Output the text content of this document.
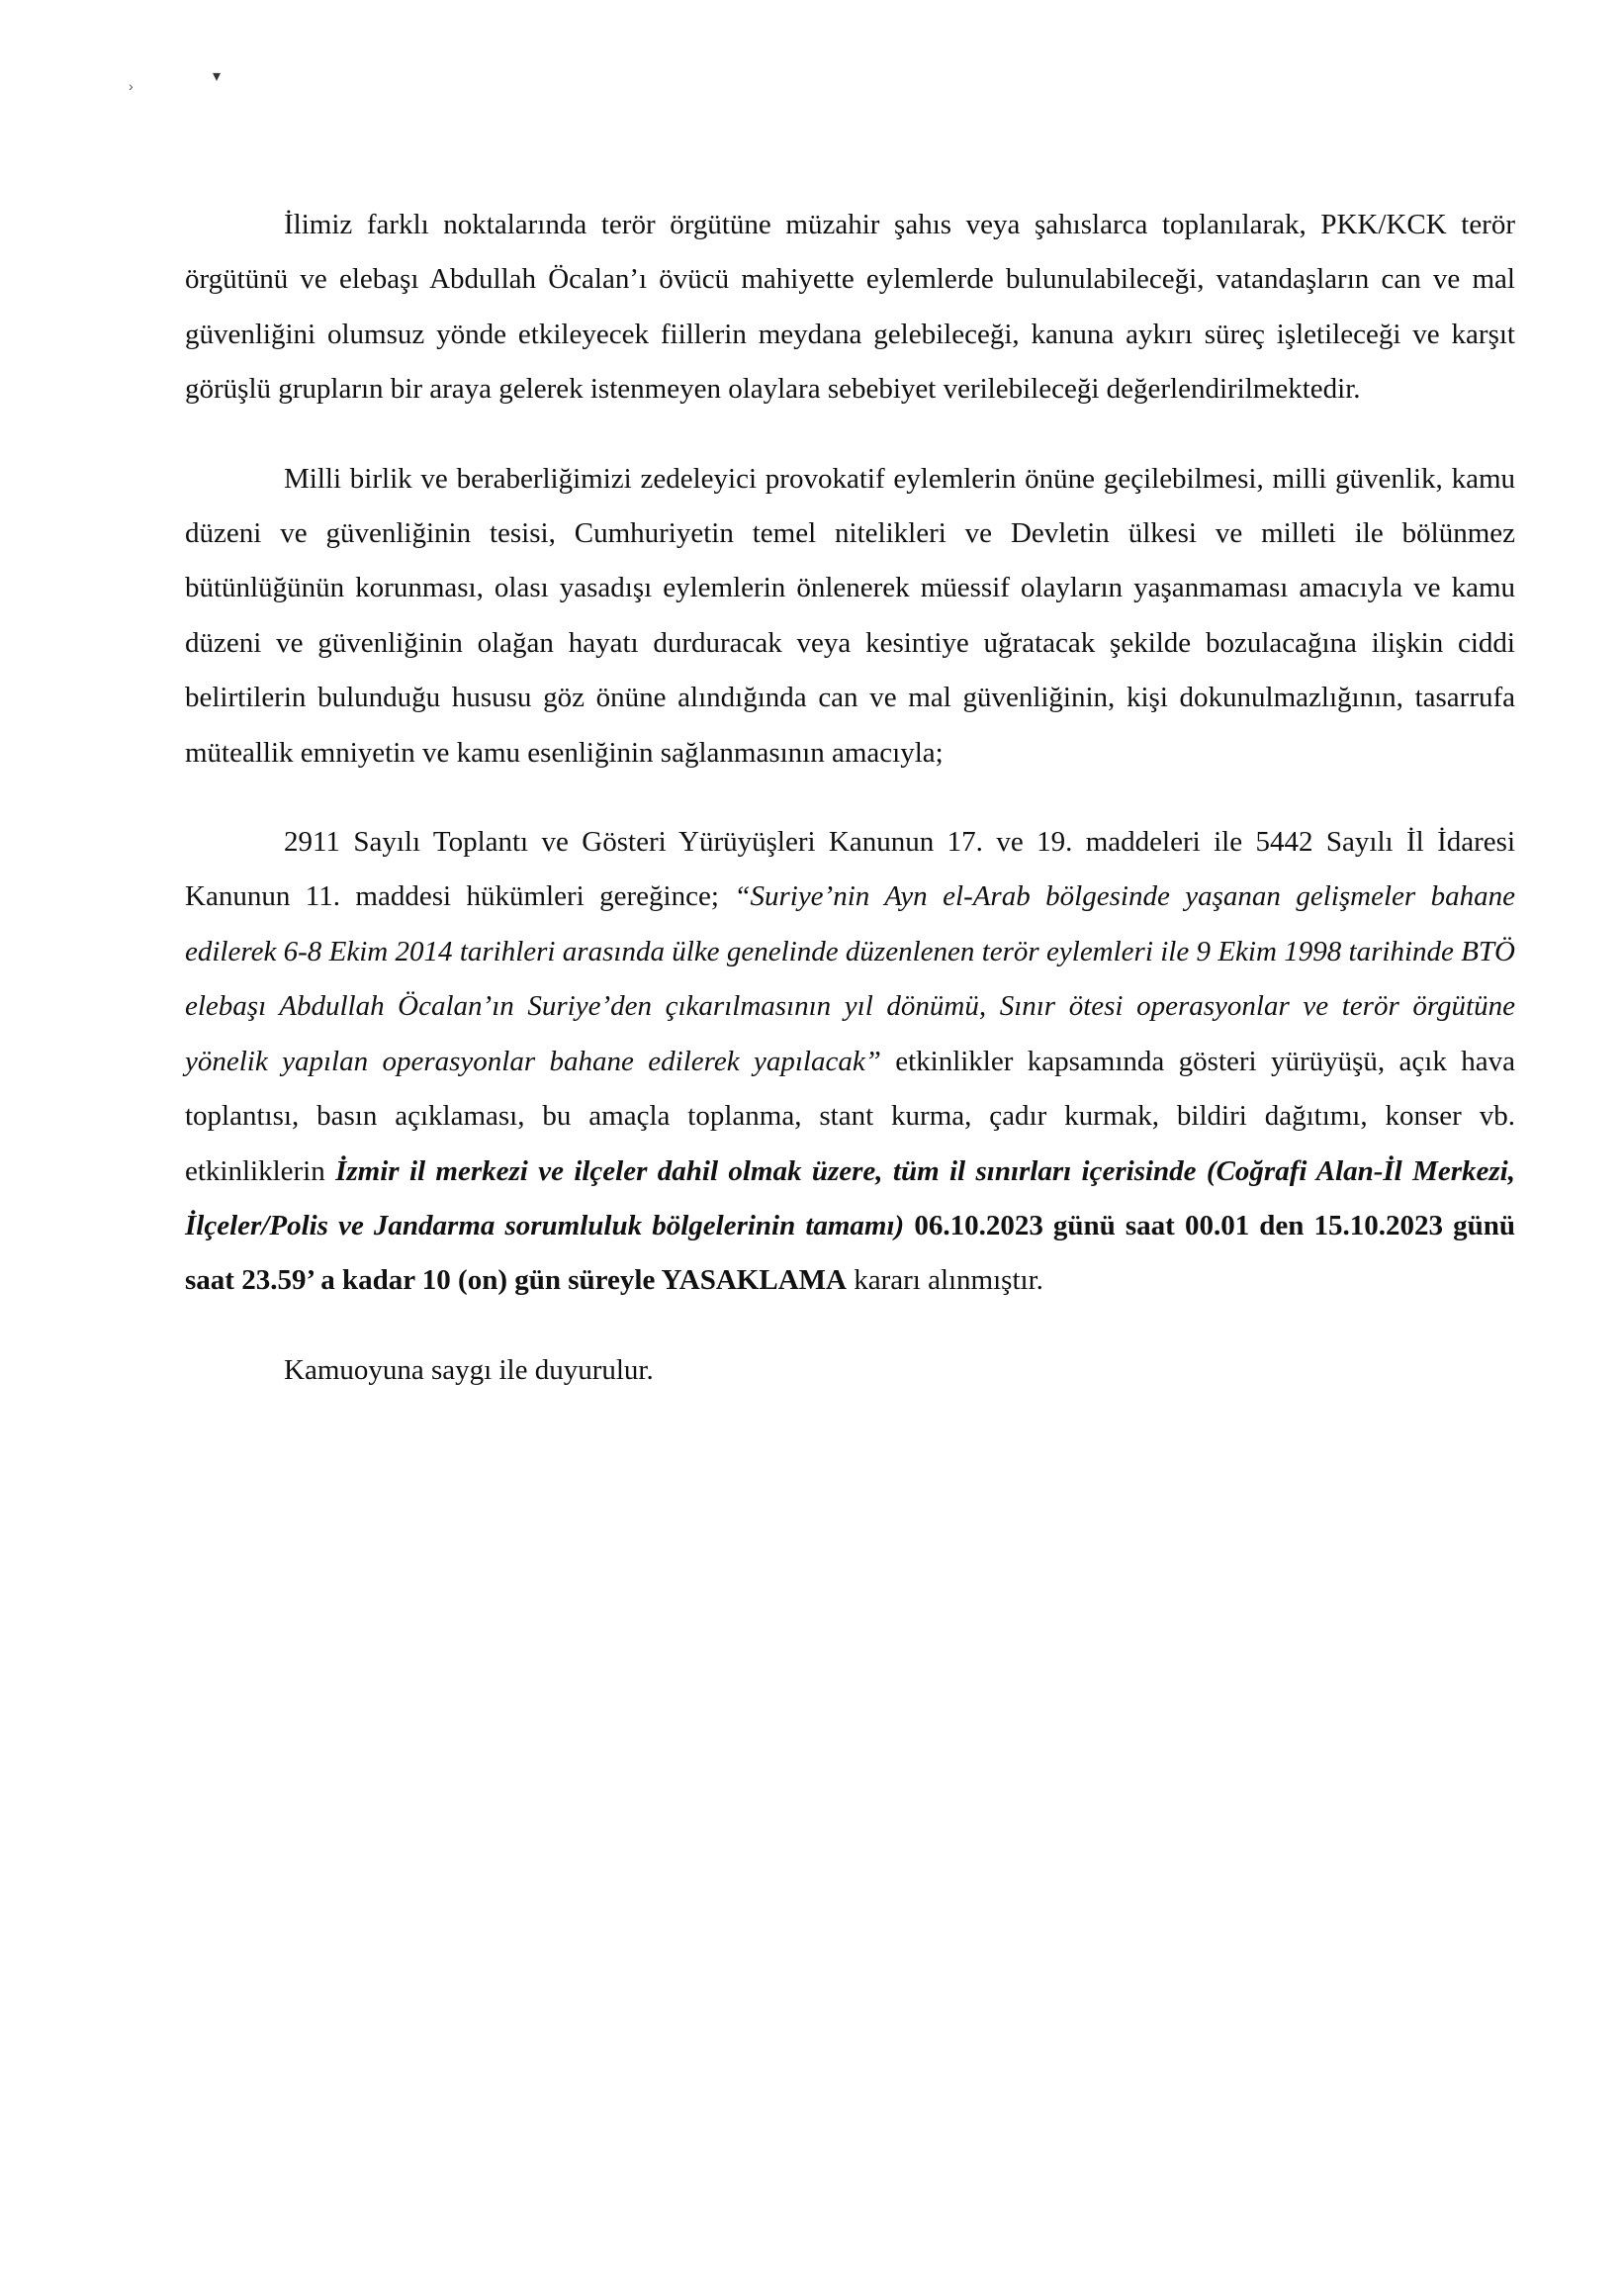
›
▾

İlimiz farklı noktalarında terör örgütüne müzahir şahıs veya şahıslarca toplanılarak, PKK/KCK terör örgütünü ve elebaşı Abdullah Öcalan’ı övücü mahiyette eylemlerde bulunulabileceği, vatandaşların can ve mal güvenliğini olumsuz yönde etkileyecek fiillerin meydana gelebileceği, kanuna aykırı süreç işletileceği ve karşıt görüşlü grupların bir araya gelerek istenmeyen olaylara sebebiyet verilebileceği değerlendirilmektedir.

Milli birlik ve beraberliğimizi zedeleyici provokatif eylemlerin önüne geçilebilmesi, milli güvenlik, kamu düzeni ve güvenliğinin tesisi, Cumhuriyetin temel nitelikleri ve Devletin ülkesi ve milleti ile bölünmez bütünlüğünün korunması, olası yasadışı eylemlerin önlenerek müessif olayların yaşanmaması amacıyla ve kamu düzeni ve güvenliğinin olağan hayatı durduracak veya kesintiye uğratacak şekilde bozulacağına ilişkin ciddi belirtilerin bulunduğu hususu göz önüne alındığında can ve mal güvenliğinin, kişi dokunulmazlığının, tasarrufa müteallik emniyetin ve kamu esenliğinin sağlanmasının amacıyla;

2911 Sayılı Toplantı ve Gösteri Yürüyüşleri Kanunun 17. ve 19. maddeleri ile 5442 Sayılı İl İdaresi Kanunun 11. maddesi hükümleri gereğince; “Suriye’nin Ayn el-Arab bölgesinde yaşanan gelişmeler bahane edilerek 6-8 Ekim 2014 tarihleri arasında ülke genelinde düzenlenen terör eylemleri ile 9 Ekim 1998 tarihinde BTÖ elebaşı Abdullah Öcalan’ın Suriye’den çıkarılmasının yıl dönümü, Sınır ötesi operasyonlar ve terör örgütüne yönelik yapılan operasyonlar bahane edilerek yapılacak” etkinlikler kapsamında gösteri yürüyüşü, açık hava toplantısı, basın açıklaması, bu amaçla toplanma, stant kurma, çadır kurmak, bildiri dağıtımı, konser vb. etkinliklerin İzmir il merkezi ve ilçeler dahil olmak üzere, tüm il sınırları içerisinde (Coğrafi Alan-İl Merkezi, İlçeler/Polis ve Jandarma sorumluluk bölgelerinin tamamı) 06.10.2023 günü saat 00.01 den 15.10.2023 günü saat 23.59’ a kadar 10 (on) gün süreyle YASAKLAMA kararı alınmıştır.

Kamuoyuna saygı ile duyurulur.
